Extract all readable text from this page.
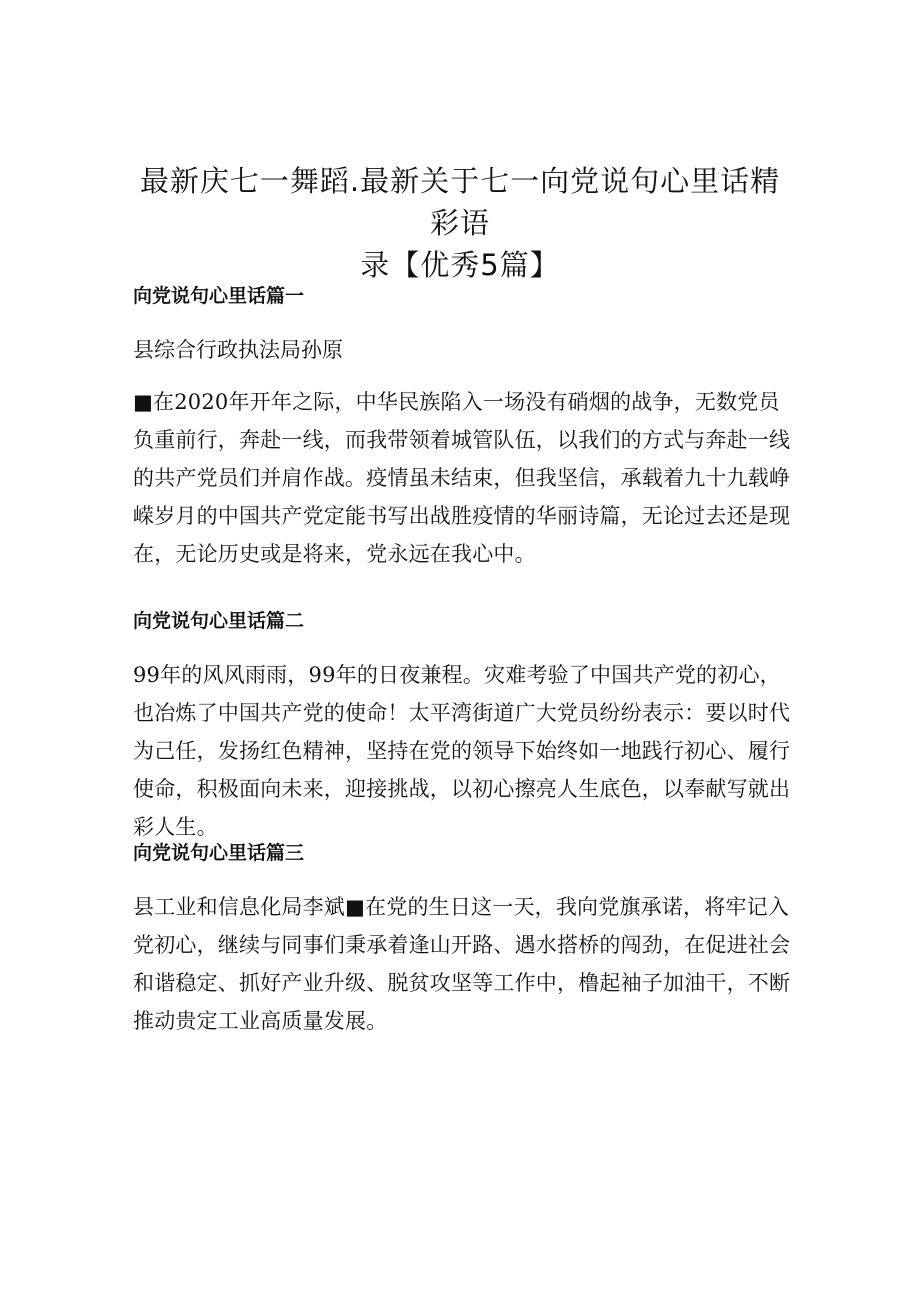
最新庆七一舞蹈.最新关于七一向党说句心里话精彩语
录【优秀5篇】
向党说句心里话篇一

县综合行政执法局孙原

■在2020年开年之际，中华民族陷入一场没有硝烟的战争，无数党员负重前行，奔赴一线，而我带领着城管队伍，以我们的方式与奔赴一线的共产党员们并肩作战。疫情虽未结束，但我坚信，承载着九十九载峥嵘岁月的中国共产党定能书写出战胜疫情的华丽诗篇，无论过去还是现在，无论历史或是将来，党永远在我心中。

向党说句心里话篇二

99年的风风雨雨，99年的日夜兼程。灾难考验了中国共产党的初心，也冶炼了中国共产党的使命！太平湾街道广大党员纷纷表示：要以时代为己任，发扬红色精神，坚持在党的领导下始终如一地践行初心、履行使命，积极面向未来，迎接挑战，以初心擦亮人生底色，以奉献写就出彩人生。

向党说句心里话篇三

县工业和信息化局李斌■在党的生日这一天，我向党旗承诺，将牢记入党初心，继续与同事们秉承着逢山开路、遇水搭桥的闯劲，在促进社会和谐稳定、抓好产业升级、脱贫攻坚等工作中，橹起袖子加油干，不断推动贵定工业高质量发展。
